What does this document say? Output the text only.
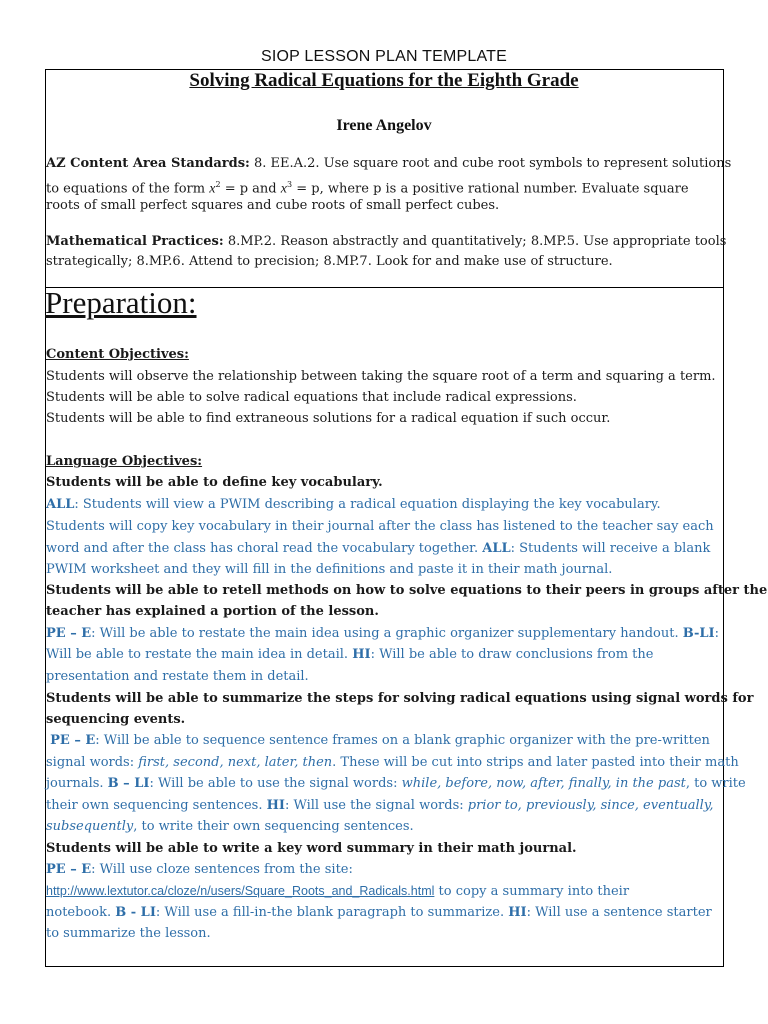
SIOP LESSON PLAN TEMPLATE
Solving Radical Equations for the Eighth Grade
Irene Angelov
AZ Content Area Standards: 8. EE.A.2. Use square root and cube root symbols to represent solutions
to equations of the form $x^2 = p$ and $x^3 = p$, where p is a positive rational number. Evaluate square
roots of small perfect squares and cube roots of small perfect cubes.
Mathematical Practices: 8.MP.2. Reason abstractly and quantitatively; 8.MP.5. Use appropriate tools
strategically; 8.MP.6. Attend to precision; 8.MP.7. Look for and make use of structure.
Preparation:
Content Objectives:
Students will observe the relationship between taking the square root of a term and squaring a term.
Students will be able to solve radical equations that include radical expressions.
Students will be able to find extraneous solutions for a radical equation if such occur.
Language Objectives:
Students will be able to define key vocabulary.
ALL: Students will view a PWIM describing a radical equation displaying the key vocabulary.
Students will copy key vocabulary in their journal after the class has listened to the teacher say each
word and after the class has choral read the vocabulary together. ALL: Students will receive a blank
PWIM worksheet and they will fill in the definitions and paste it in their math journal.
Students will be able to retell methods on how to solve equations to their peers in groups after the
teacher has explained a portion of the lesson.
PE – E: Will be able to restate the main idea using a graphic organizer supplementary handout. B-LI:
Will be able to restate the main idea in detail. HI: Will be able to draw conclusions from the
presentation and restate them in detail.
Students will be able to summarize the steps for solving radical equations using signal words for
sequencing events.
PE – E: Will be able to sequence sentence frames on a blank graphic organizer with the pre-written
signal words: first, second, next, later, then. These will be cut into strips and later pasted into their math
journals. B – LI: Will be able to use the signal words: while, before, now, after, finally, in the past, to write
their own sequencing sentences. HI: Will use the signal words: prior to, previously, since, eventually,
subsequently, to write their own sequencing sentences.
Students will be able to write a key word summary in their math journal.
PE – E: Will use cloze sentences from the site:
http://www.lextutor.ca/cloze/n/users/Square_Roots_and_Radicals.html to copy a summary into their
notebook. B - LI: Will use a fill-in-the blank paragraph to summarize. HI: Will use a sentence starter
to summarize the lesson.
